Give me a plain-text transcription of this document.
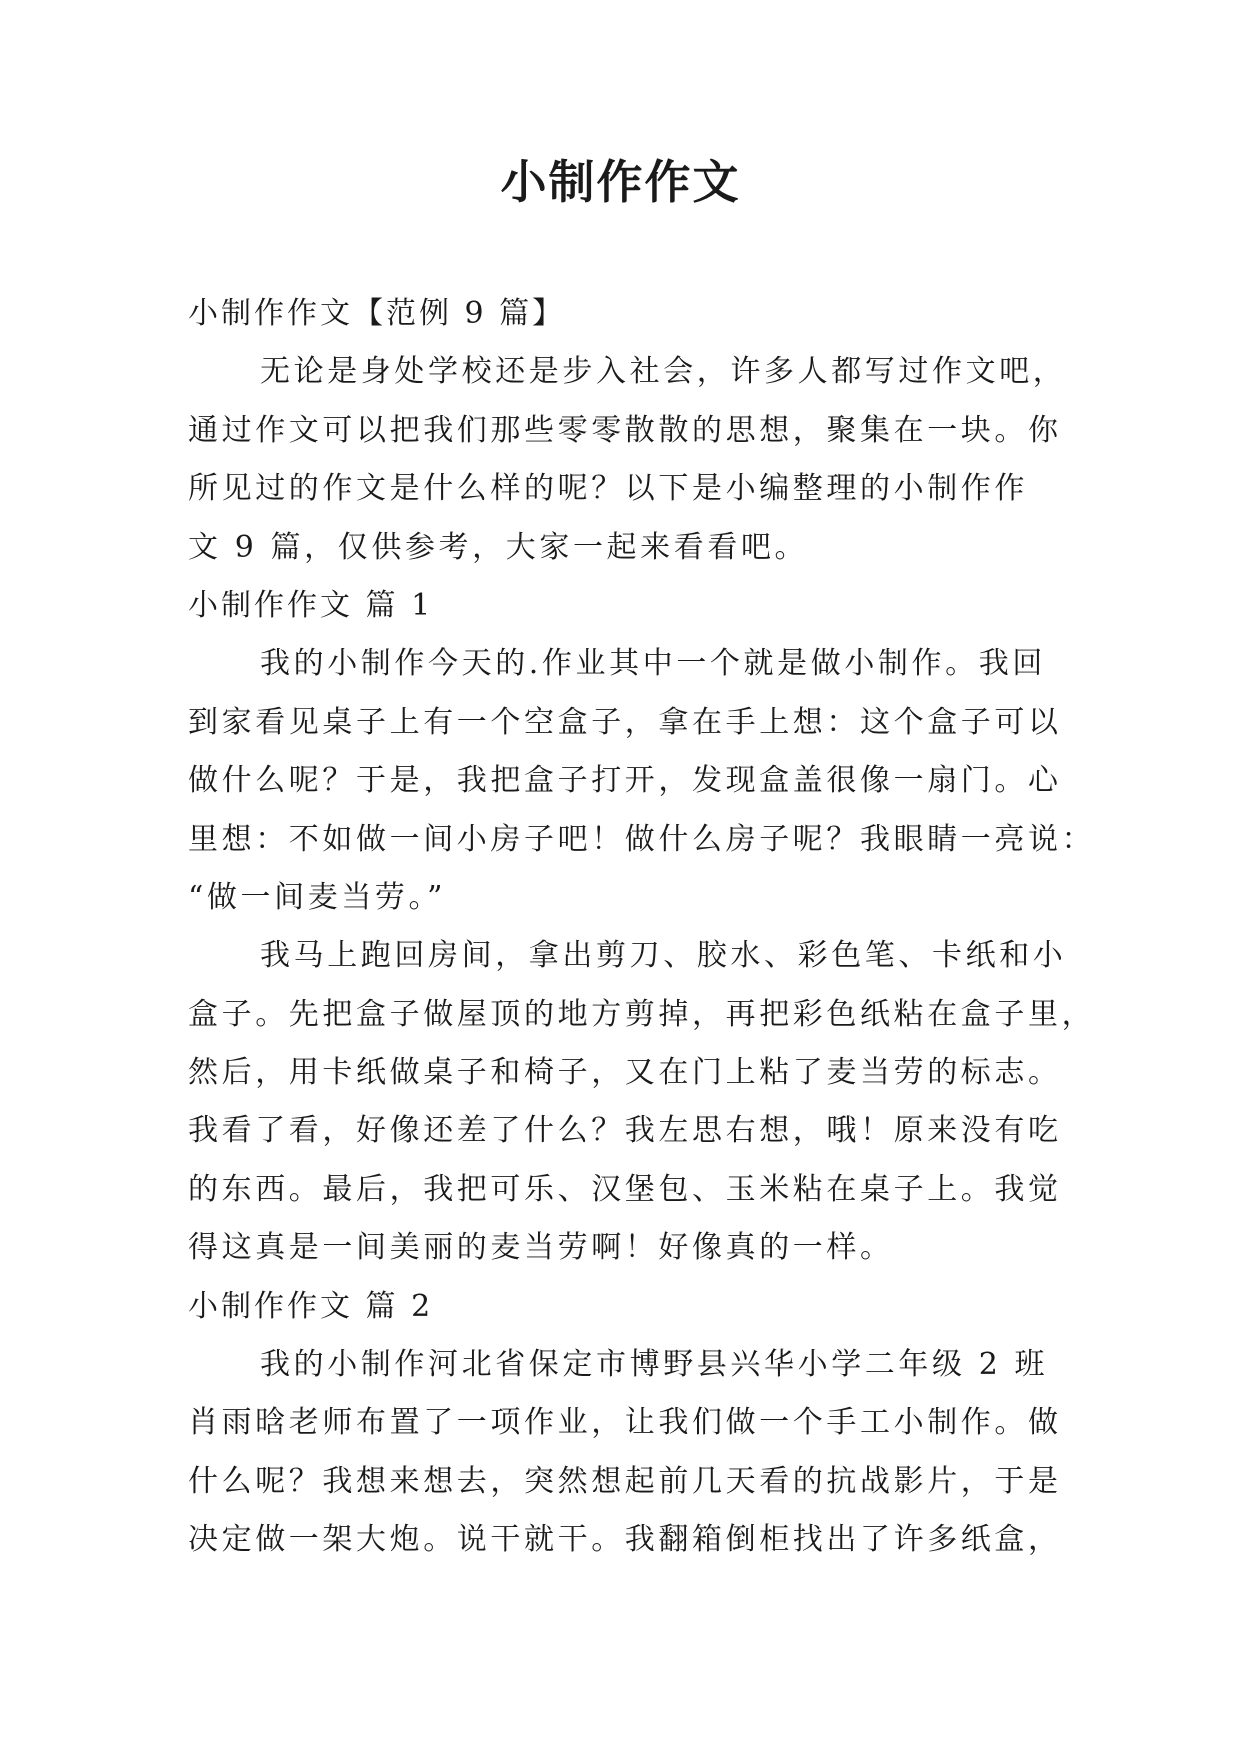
小制作作文
小制作作文【范例 9 篇】
无论是身处学校还是步入社会，许多人都写过作文吧，
通过作文可以把我们那些零零散散的思想，聚集在一块。你
所见过的作文是什么样的呢？以下是小编整理的小制作作
文 9 篇，仅供参考，大家一起来看看吧。
小制作作文 篇 1
我的小制作今天的.作业其中一个就是做小制作。我回
到家看见桌子上有一个空盒子，拿在手上想：这个盒子可以
做什么呢？于是，我把盒子打开，发现盒盖很像一扇门。心
里想：不如做一间小房子吧！做什么房子呢？我眼睛一亮说：
“做一间麦当劳。”
我马上跑回房间，拿出剪刀、胶水、彩色笔、卡纸和小
盒子。先把盒子做屋顶的地方剪掉，再把彩色纸粘在盒子里，
然后，用卡纸做桌子和椅子，又在门上粘了麦当劳的标志。
我看了看，好像还差了什么？我左思右想，哦！原来没有吃
的东西。最后，我把可乐、汉堡包、玉米粘在桌子上。我觉
得这真是一间美丽的麦当劳啊！好像真的一样。
小制作作文 篇 2
我的小制作河北省保定市博野县兴华小学二年级 2 班
肖雨晗老师布置了一项作业，让我们做一个手工小制作。做
什么呢？我想来想去，突然想起前几天看的抗战影片，于是
决定做一架大炮。说干就干。我翻箱倒柜找出了许多纸盒，
